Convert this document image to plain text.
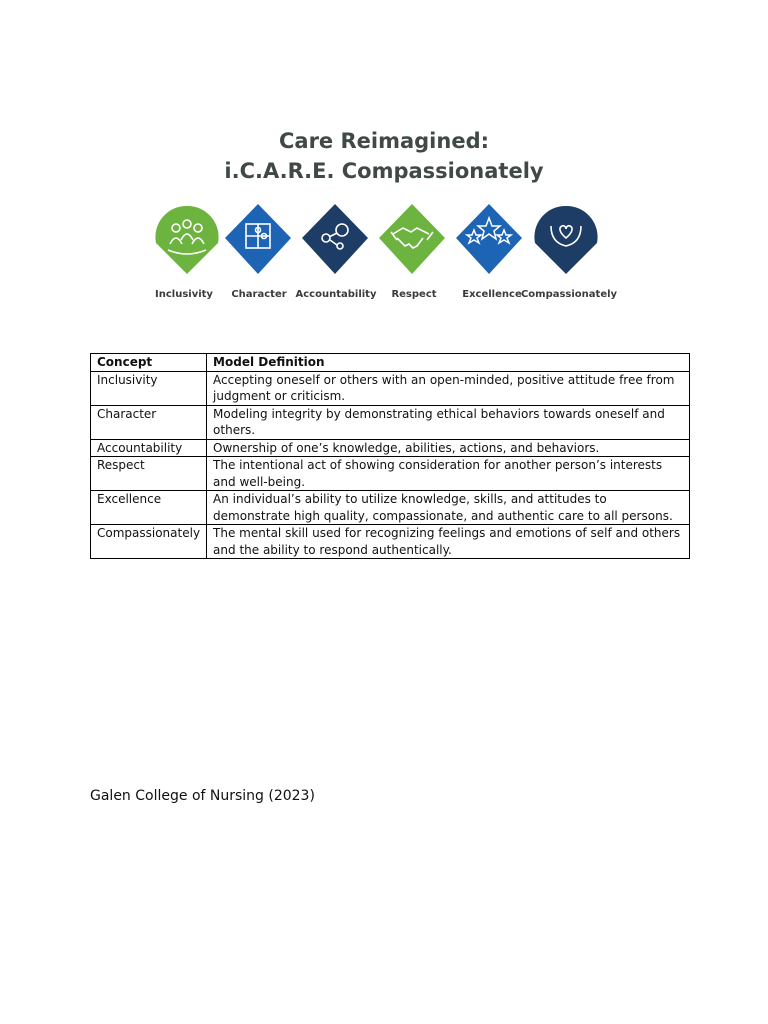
Care Reimagined:
i.C.A.R.E. Compassionately
Inclusivity	Character Accountability	Respect	Excellence Compassionately
Concept	Model Definition
Inclusivity	Accepting oneself or others with an open-minded, positive attitude free from judgment or criticism.
Character	Modeling integrity by demonstrating ethical behaviors towards oneself and others.
Accountability	Ownership of one’s knowledge, abilities, actions, and behaviors.
Respect	The intentional act of showing consideration for another person’s interests and well-being.
Excellence	An individual’s ability to utilize knowledge, skills, and attitudes to demonstrate high quality, compassionate, and authentic care to all persons.
Compassionately	The mental skill used for recognizing feelings and emotions of self and others and the ability to respond authentically.
Galen College of Nursing (2023)
